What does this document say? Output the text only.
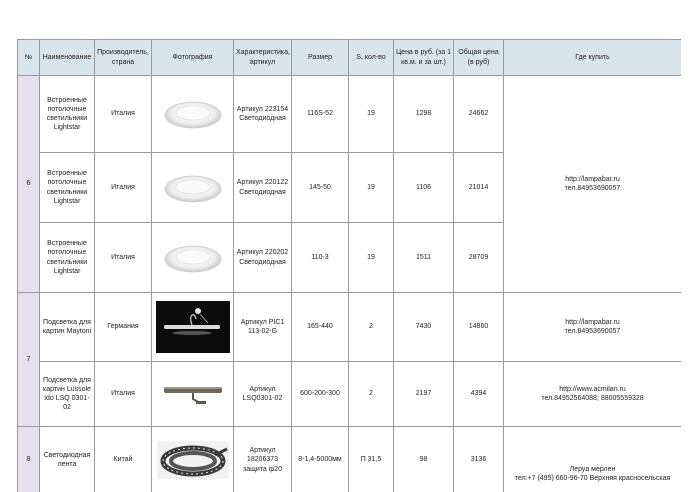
№	Наименование	Производитель, страна	Фотография	Характеристика, артикул	Размер	S, кол-во	Цена в руб. (за 1 кв.м. и за шт.)	Общая цена (в руб)	Где купить
6	Встроенные потолочные светильники Lightstar	Италия		Артикул 223154 Светодиодная	116S-52	19	1298	24662	http://lampabar.ru
тел.84953690057

	Встроенные потолочные светильники Lightstar	Италия		Артикул 220122 Светодиодная	145-50	19	1106	21014	
	Встроенные потолочные светильники Lightstar	Италия		Артикул 220202 Светодиодная	110-3	19	1511	28709	
7	Подсветка для картин Maytoni	Германия		Артикул PIC1 113-02-G	165-440	2	7430	14860	http://lampabar.ru
тел.84953690057

	Подсветка для картин Lussole ido LSQ 0301-02	Италия		Артикул LSQ0301-02	600-200-300	2	2197	4394	http://www.acmilan.ru
тел.84952564088; 88005559328

8	Светодиодная лента	Китай		Артикул 18206373 защита ip20	8-1,4-5000мм	П 31,5	98	3136	Леруа мерлен
тел:+7 (495) 660-96-70 Верхняя красносельская
